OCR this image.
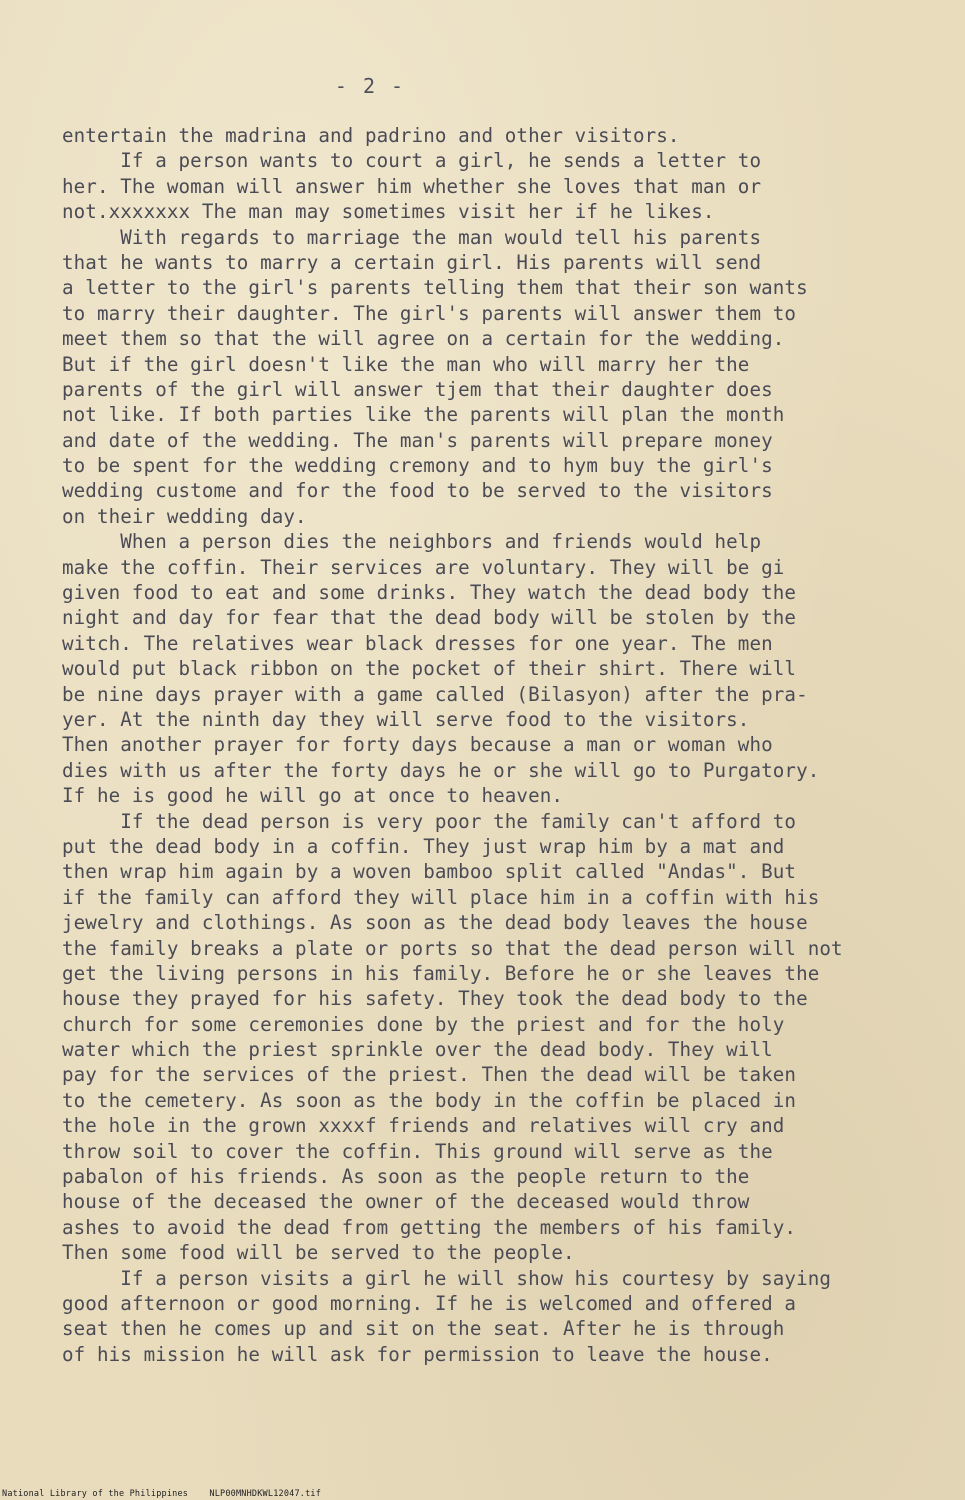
- 2 -
entertain the madrina and padrino and other visitors.
If a person wants to court a girl, he sends a letter to
her. The woman will answer him whether she loves that man or
not.xxxxxxx The man may sometimes visit her if he likes.
With regards to marriage the man would tell his parents
that he wants to marry a certain girl. His parents will send
a letter to the girl's parents telling them that their son wants
to marry their daughter. The girl's parents will answer them to
meet them so that the will agree on a certain for the wedding.
But if the girl doesn't like the man who will marry her the
parents of the girl will answer tjem that their daughter does
not like. If both parties like the parents will plan the month
and date of the wedding. The man's parents will prepare money
to be spent for the wedding cremony and to hym buy the girl's
wedding custome and for the food to be served to the visitors
on their wedding day.
When a person dies the neighbors and friends would help
make the coffin. Their services are voluntary. They will be gi
given food to eat and some drinks. They watch the dead body the
night and day for fear that the dead body will be stolen by the
witch. The relatives wear black dresses for one year. The men
would put black ribbon on the pocket of their shirt. There will
be nine days prayer with a game called (Bilasyon) after the pra-
yer. At the ninth day they will serve food to the visitors.
Then another prayer for forty days because a man or woman who
dies with us after the forty days he or she will go to Purgatory.
If he is good he will go at once to heaven.
If the dead person is very poor the family can't afford to
put the dead body in a coffin. They just wrap him by a mat and
then wrap him again by a woven bamboo split called "Andas". But
if the family can afford they will place him in a coffin with his
jewelry and clothings. As soon as the dead body leaves the house
the family breaks a plate or ports so that the dead person will not
get the living persons in his family. Before he or she leaves the
house they prayed for his safety. They took the dead body to the
church for some ceremonies done by the priest and for the holy
water which the priest sprinkle over the dead body. They will
pay for the services of the priest. Then the dead will be taken
to the cemetery. As soon as the body in the coffin be placed in
the hole in the grown xxxxf friends and relatives will cry and
throw soil to cover the coffin. This ground will serve as the
pabalon of his friends. As soon as the people return to the
house of the deceased the owner of the deceased would throw
ashes to avoid the dead from getting the members of his family.
Then some food will be served to the people.
If a person visits a girl he will show his courtesy by saying
good afternoon or good morning. If he is welcomed and offered a
seat then he comes up and sit on the seat. After he is through
of his mission he will ask for permission to leave the house.
National Library of the Philippines    NLP00MNHDKWL12047.tif
